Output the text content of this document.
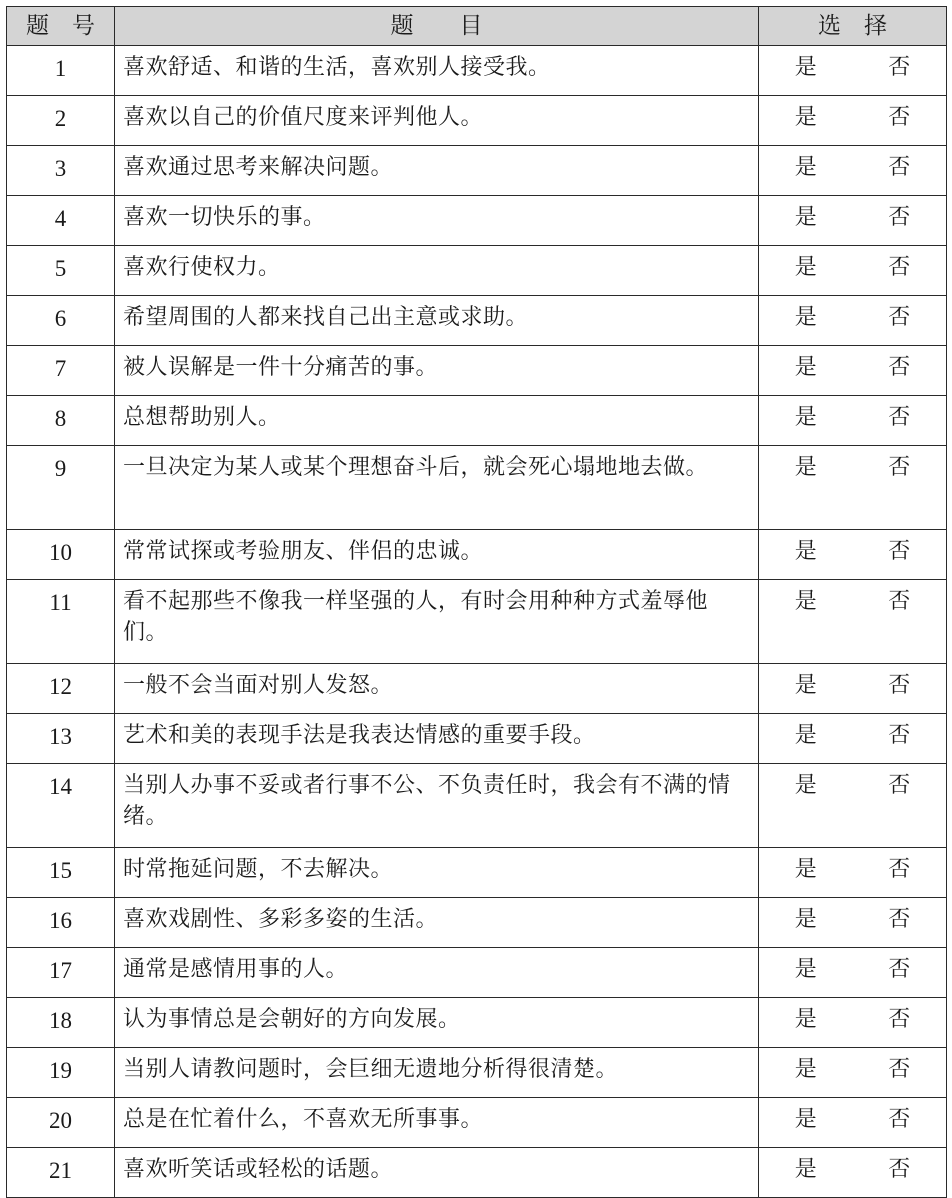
题　号	题　　目	选　择	
1	喜欢舒适、和谐的生活，喜欢别人接受我。	是	否
2	喜欢以自己的价值尺度来评判他人。	是	否
3	喜欢通过思考来解决问题。	是	否
4	喜欢一切快乐的事。	是	否
5	喜欢行使权力。	是	否
6	希望周围的人都来找自己出主意或求助。	是	否
7	被人误解是一件十分痛苦的事。	是	否
8	总想帮助别人。	是	否
9	一旦决定为某人或某个理想奋斗后，就会死心塌地地去做。	是	否
10	常常试探或考验朋友、伴侣的忠诚。	是	否
11	看不起那些不像我一样坚强的人，有时会用种种方式羞辱他们。	是	否
12	一般不会当面对别人发怒。	是	否
13	艺术和美的表现手法是我表达情感的重要手段。	是	否
14	当别人办事不妥或者行事不公、不负责任时，我会有不满的情绪。	是	否
15	时常拖延问题，不去解决。	是	否
16	喜欢戏剧性、多彩多姿的生活。	是	否
17	通常是感情用事的人。	是	否
18	认为事情总是会朝好的方向发展。	是	否
19	当别人请教问题时，会巨细无遗地分析得很清楚。	是	否
20	总是在忙着什么，不喜欢无所事事。	是	否
21	喜欢听笑话或轻松的话题。	是	否
